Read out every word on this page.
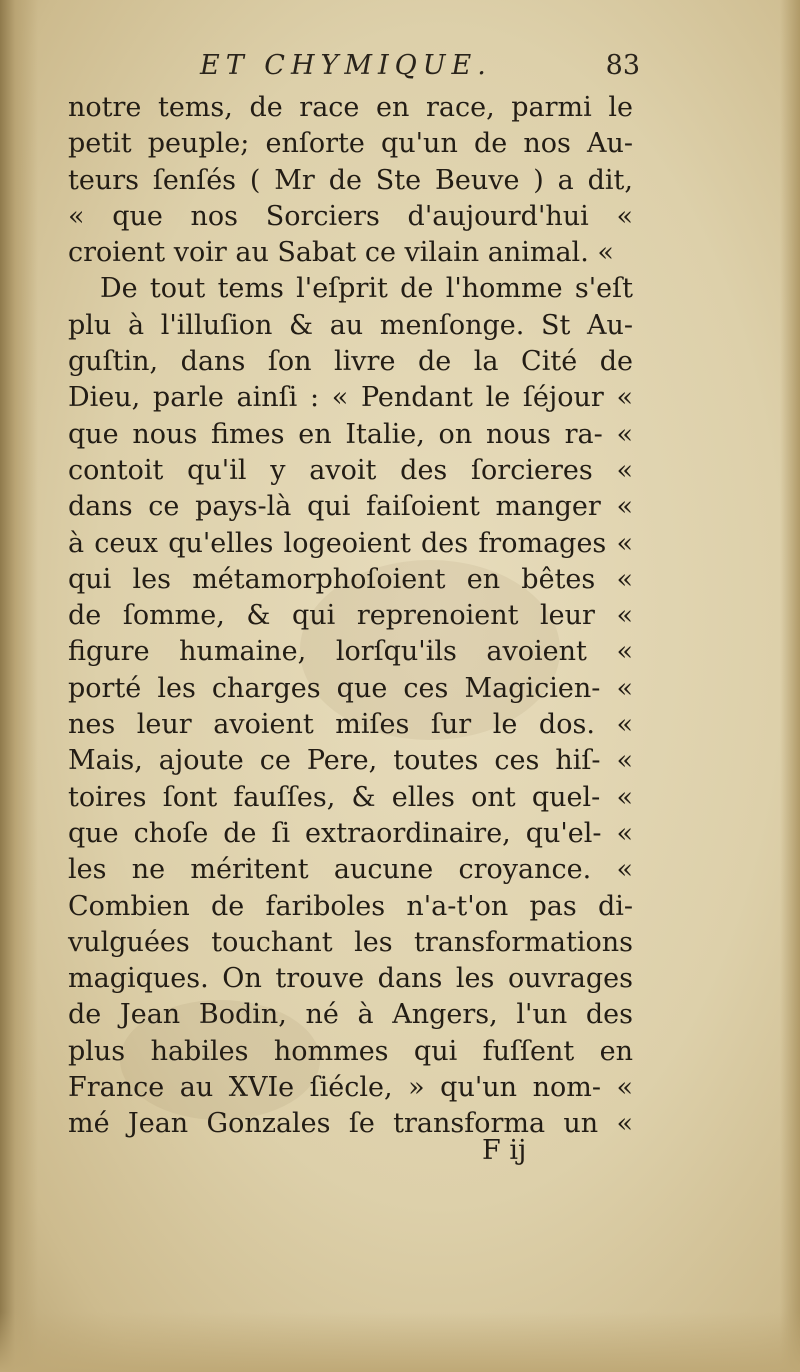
ET CHYMIQUE.	83
notre tems, de race en race, parmi le
petit peuple; enſorte qu'un de nos Au-
teurs ſenſés ( Mr de Ste Beuve ) a dit,
« que nos Sorciers d'aujourd'hui «
croient voir au Sabat ce vilain animal. «
De tout tems l'eſprit de l'homme s'eſt
plu à l'illuſion & au menſonge. St Au-
guſtin, dans ſon livre de la Cité de
Dieu, parle ainſi : « Pendant le ſéjour «
que nous fimes en Italie, on nous ra- «
contoit qu'il y avoit des ſorcieres «
dans ce pays-là qui faiſoient manger «
à ceux qu'elles logeoient des fromages «
qui les métamorphoſoient en bêtes «
de ſomme, & qui reprenoient leur «
figure humaine, lorſqu'ils avoient «
porté les charges que ces Magicien- «
nes leur avoient miſes ſur le dos. «
Mais, ajoute ce Pere, toutes ces hiſ- «
toires ſont fauſſes, & elles ont quel- «
que choſe de ſi extraordinaire, qu'el- «
les ne méritent aucune croyance. «
Combien de fariboles n'a-t'on pas di-
vulguées touchant les transformations
magiques. On trouve dans les ouvrages
de Jean Bodin, né à Angers, l'un des
plus habiles hommes qui fuſſent en
France au XVIe ſiécle, » qu'un nom- «
mé Jean Gonzales ſe transforma un «
F ij
